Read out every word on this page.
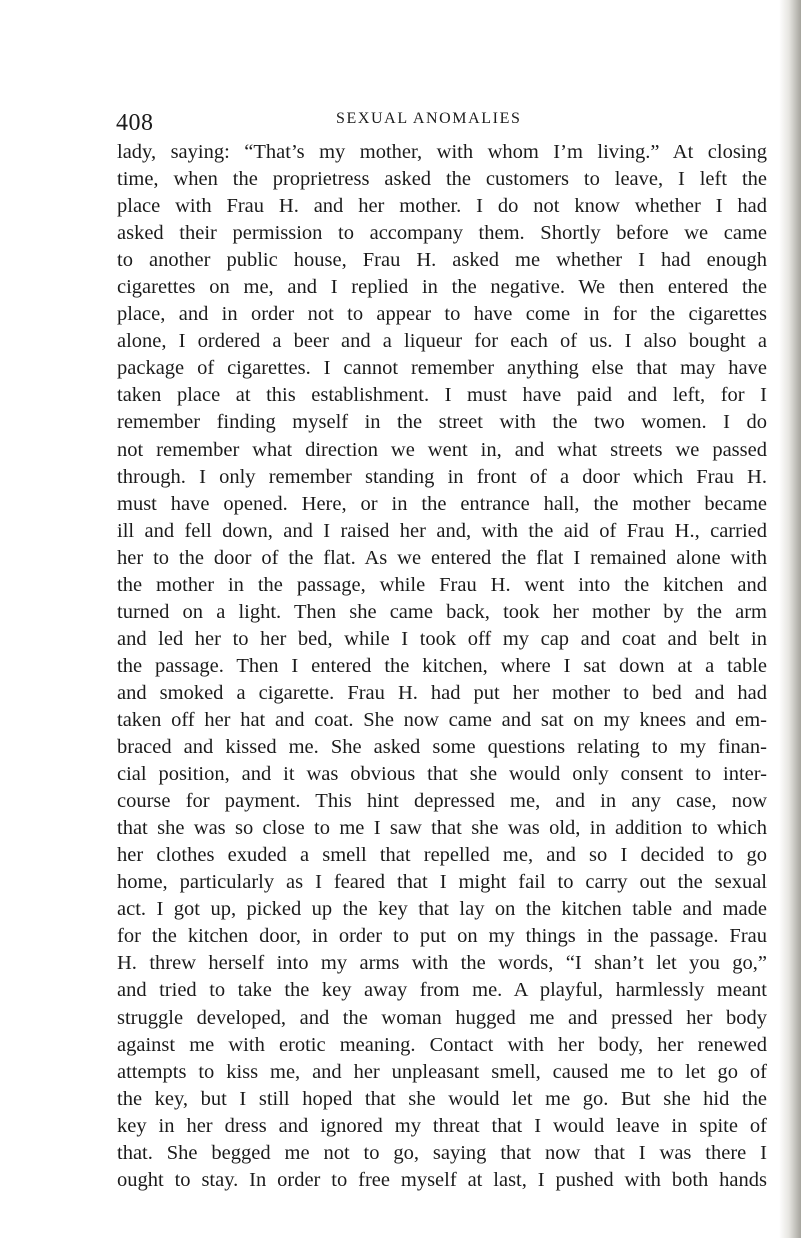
408	SEXUAL ANOMALIES
lady, saying: “That’s my mother, with whom I’m living.” At closing
time, when the proprietress asked the customers to leave, I left the
place with Frau H. and her mother. I do not know whether I had
asked their permission to accompany them. Shortly before we came
to another public house, Frau H. asked me whether I had enough
cigarettes on me, and I replied in the negative. We then entered the
place, and in order not to appear to have come in for the cigarettes
alone, I ordered a beer and a liqueur for each of us. I also bought a
package of cigarettes. I cannot remember anything else that may have
taken place at this establishment. I must have paid and left, for I
remember finding myself in the street with the two women. I do
not remember what direction we went in, and what streets we passed
through. I only remember standing in front of a door which Frau H.
must have opened. Here, or in the entrance hall, the mother became
ill and fell down, and I raised her and, with the aid of Frau H., carried
her to the door of the flat. As we entered the flat I remained alone with
the mother in the passage, while Frau H. went into the kitchen and
turned on a light. Then she came back, took her mother by the arm
and led her to her bed, while I took off my cap and coat and belt in
the passage. Then I entered the kitchen, where I sat down at a table
and smoked a cigarette. Frau H. had put her mother to bed and had
taken off her hat and coat. She now came and sat on my knees and em-
braced and kissed me. She asked some questions relating to my finan-
cial position, and it was obvious that she would only consent to inter-
course for payment. This hint depressed me, and in any case, now
that she was so close to me I saw that she was old, in addition to which
her clothes exuded a smell that repelled me, and so I decided to go
home, particularly as I feared that I might fail to carry out the sexual
act. I got up, picked up the key that lay on the kitchen table and made
for the kitchen door, in order to put on my things in the passage. Frau
H. threw herself into my arms with the words, “I shan’t let you go,”
and tried to take the key away from me. A playful, harmlessly meant
struggle developed, and the woman hugged me and pressed her body
against me with erotic meaning. Contact with her body, her renewed
attempts to kiss me, and her unpleasant smell, caused me to let go of
the key, but I still hoped that she would let me go. But she hid the
key in her dress and ignored my threat that I would leave in spite of
that. She begged me not to go, saying that now that I was there I
ought to stay. In order to free myself at last, I pushed with both hands
